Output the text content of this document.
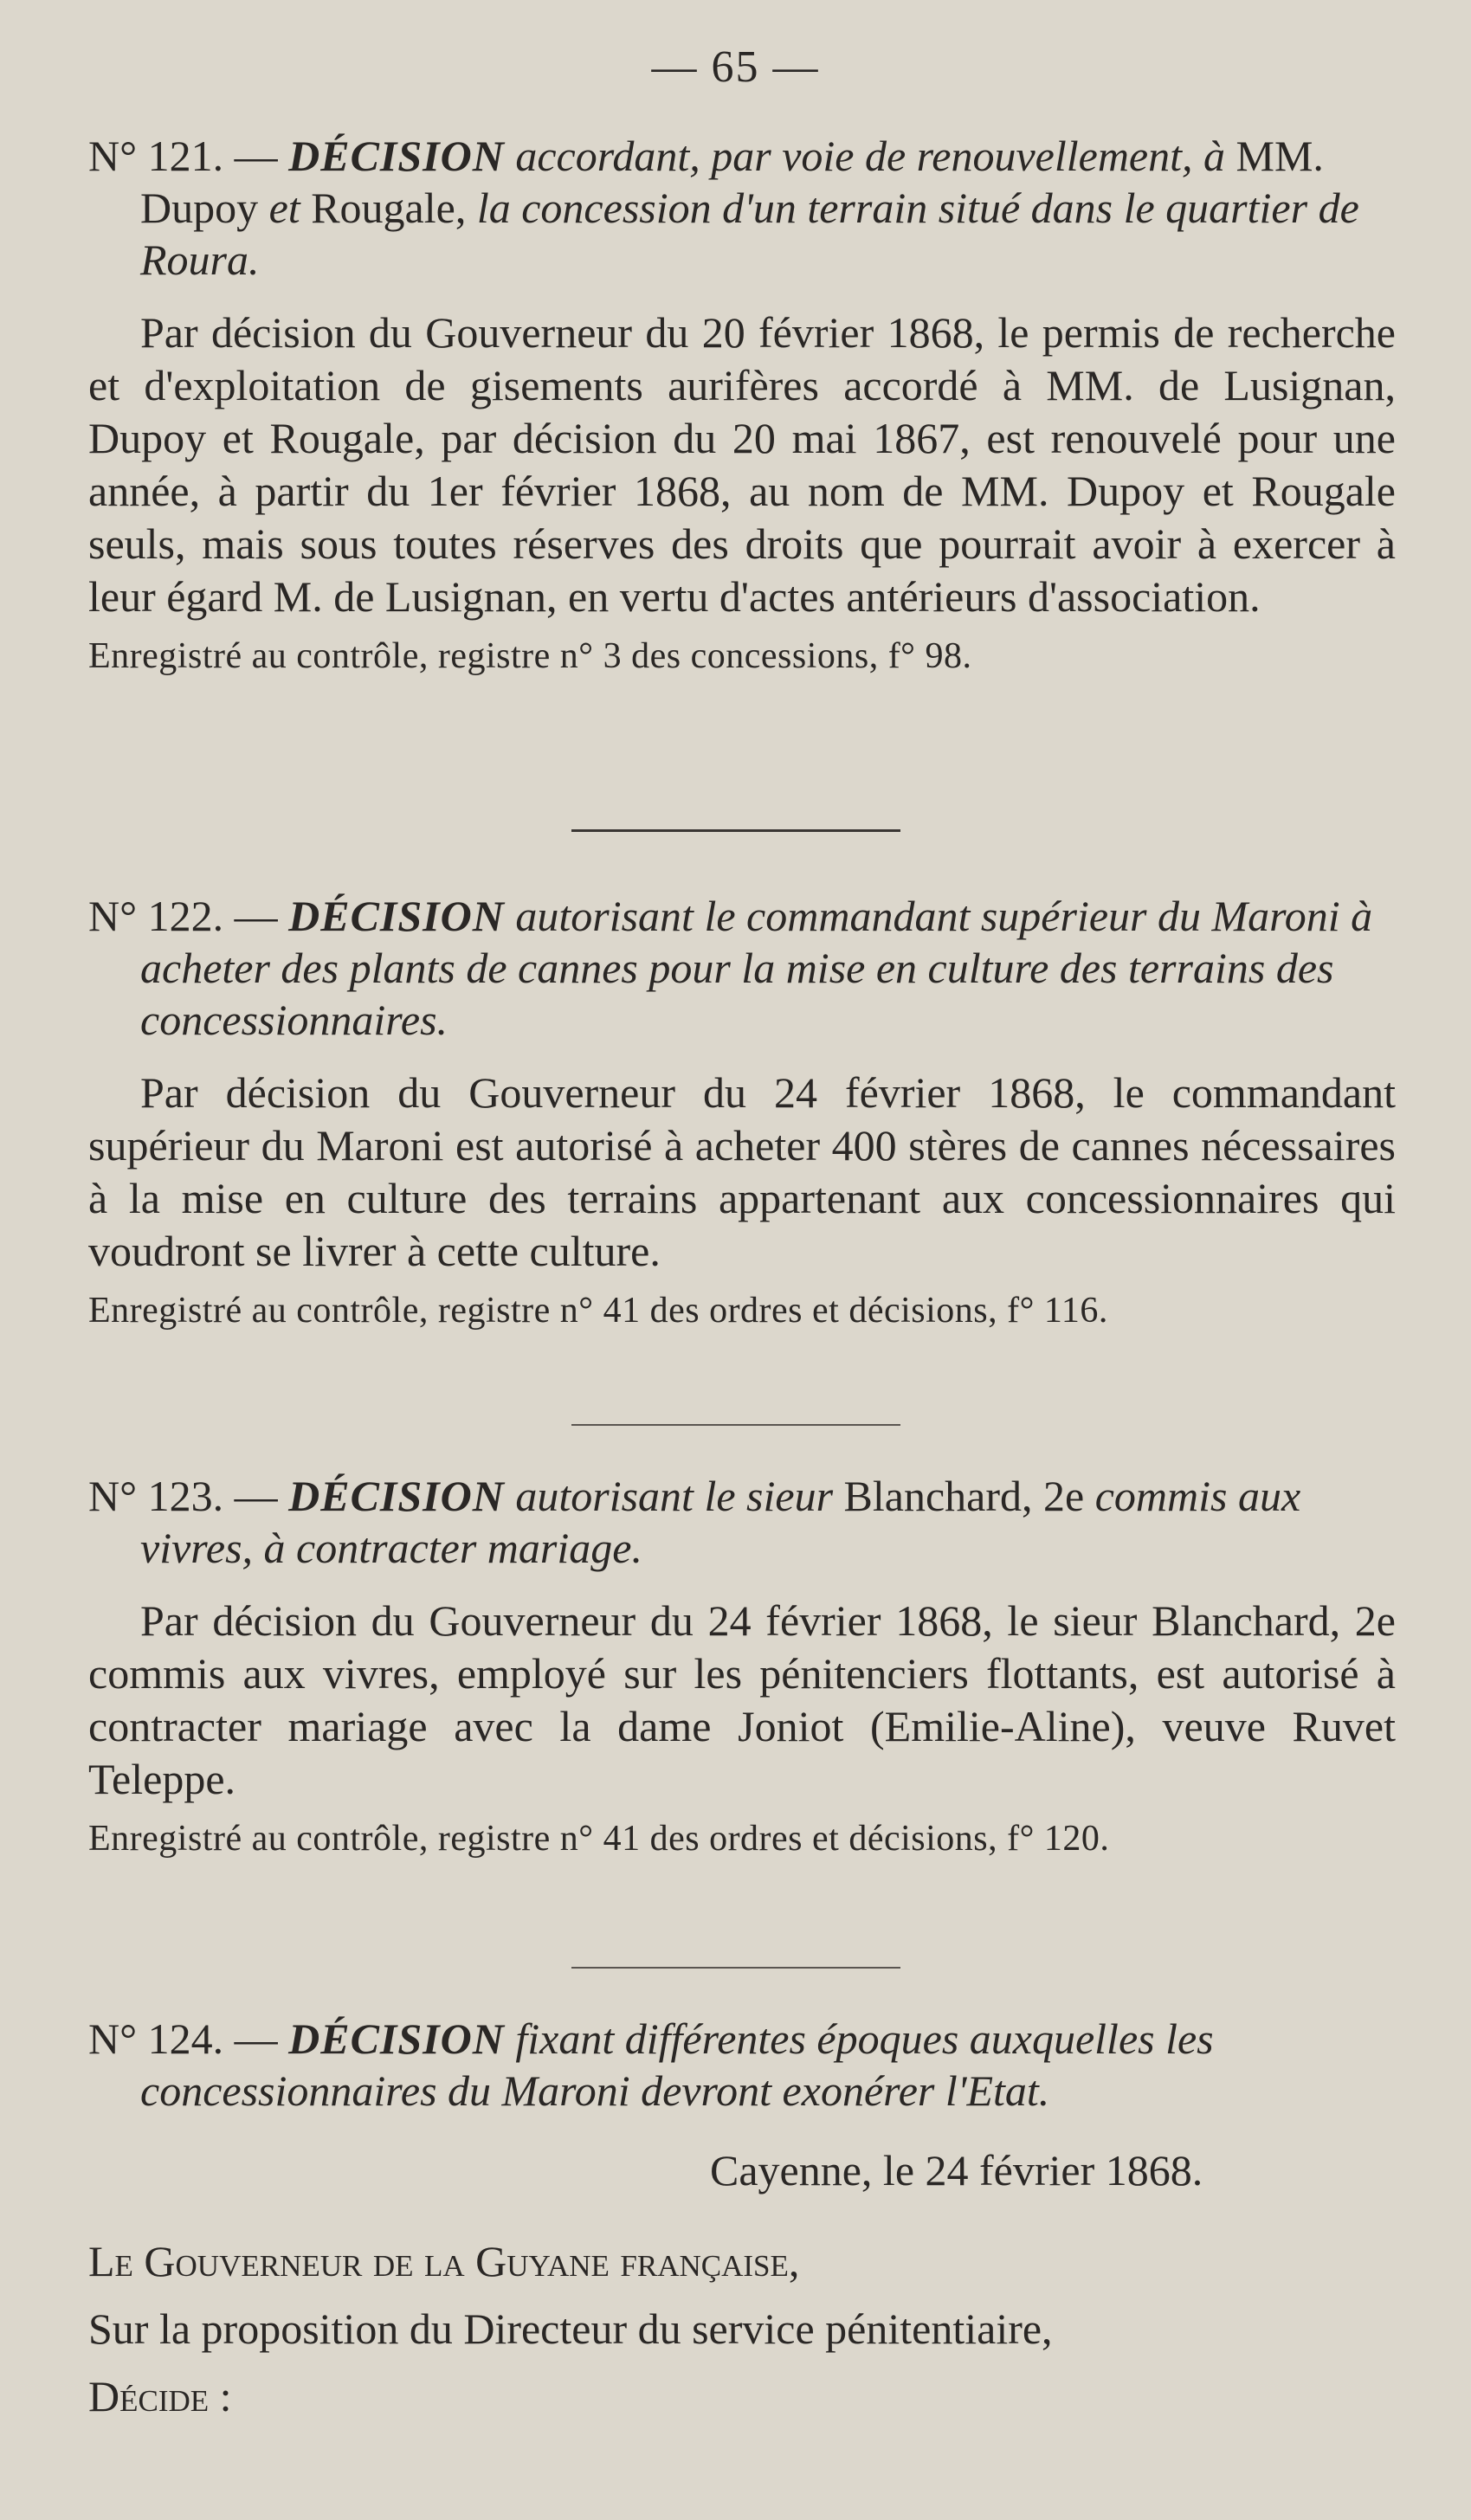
— 65 —
N° 121. — DÉCISION accordant, par voie de renouvellement, à MM. Dupoy et Rougale, la concession d'un terrain situé dans le quartier de Roura.
Par décision du Gouverneur du 20 février 1868, le permis de recherche et d'exploitation de gisements aurifères accordé à MM. de Lusignan, Dupoy et Rougale, par décision du 20 mai 1867, est renouvelé pour une année, à partir du 1er février 1868, au nom de MM. Dupoy et Rougale seuls, mais sous toutes réserves des droits que pourrait avoir à exercer à leur égard M. de Lusignan, en vertu d'actes antérieurs d'association.
Enregistré au contrôle, registre n° 3 des concessions, f° 98.
N° 122. — DÉCISION autorisant le commandant supérieur du Maroni à acheter des plants de cannes pour la mise en culture des terrains des concessionnaires.
Par décision du Gouverneur du 24 février 1868, le commandant supérieur du Maroni est autorisé à acheter 400 stères de cannes nécessaires à la mise en culture des terrains appartenant aux concessionnaires qui voudront se livrer à cette culture.
Enregistré au contrôle, registre n° 41 des ordres et décisions, f° 116.
N° 123. — DÉCISION autorisant le sieur Blanchard, 2e commis aux vivres, à contracter mariage.
Par décision du Gouverneur du 24 février 1868, le sieur Blanchard, 2e commis aux vivres, employé sur les pénitenciers flottants, est autorisé à contracter mariage avec la dame Joniot (Emilie-Aline), veuve Ruvet Teleppe.
Enregistré au contrôle, registre n° 41 des ordres et décisions, f° 120.
N° 124. — DÉCISION fixant différentes époques auxquelles les concessionnaires du Maroni devront exonérer l'Etat.
Cayenne, le 24 février 1868.
Le Gouverneur de la Guyane française,
Sur la proposition du Directeur du service pénitentiaire,
Décide :
